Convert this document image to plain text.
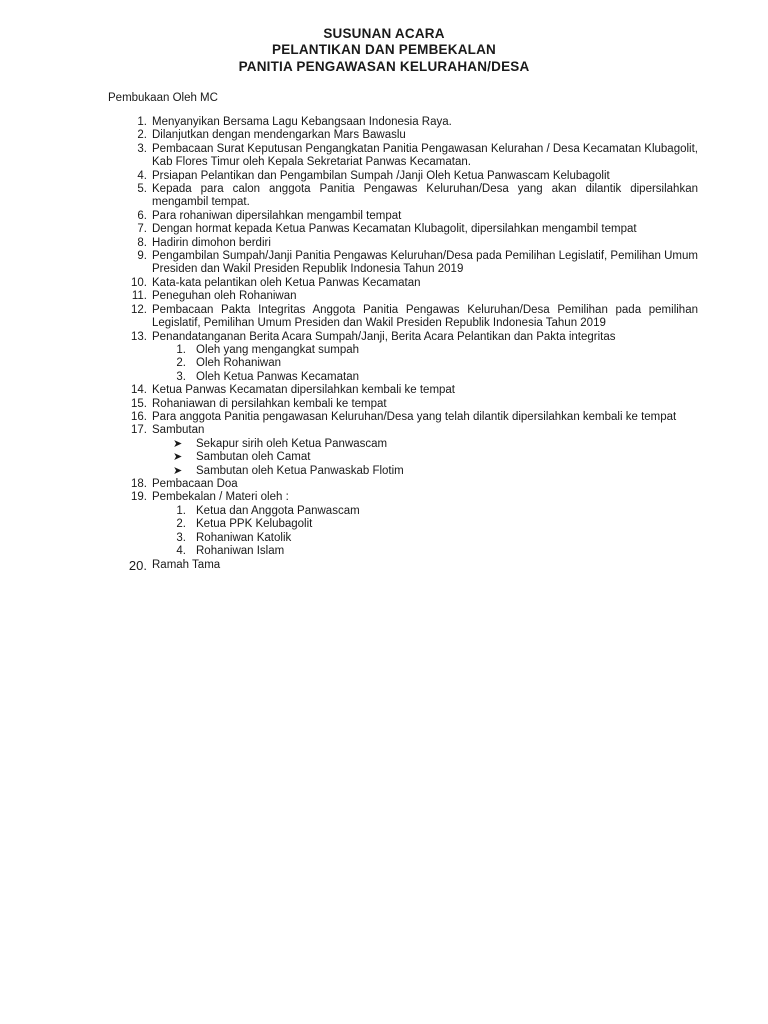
SUSUNAN ACARA
PELANTIKAN DAN PEMBEKALAN
PANITIA PENGAWASAN KELURAHAN/DESA
Pembukaan Oleh MC
1. Menyanyikan Bersama Lagu Kebangsaan Indonesia Raya.
2. Dilanjutkan dengan mendengarkan Mars Bawaslu
3. Pembacaan Surat Keputusan Pengangkatan Panitia Pengawasan Kelurahan / Desa Kecamatan Klubagolit, Kab Flores Timur oleh Kepala Sekretariat Panwas Kecamatan.
4. Prsiapan Pelantikan dan Pengambilan Sumpah /Janji Oleh Ketua Panwascam Kelubagolit
5. Kepada para calon anggota Panitia Pengawas Keluruhan/Desa yang akan dilantik dipersilahkan mengambil tempat.
6. Para rohaniwan dipersilahkan mengambil tempat
7. Dengan hormat kepada Ketua Panwas Kecamatan Klubagolit, dipersilahkan mengambil tempat
8. Hadirin dimohon berdiri
9. Pengambilan Sumpah/Janji Panitia Pengawas Keluruhan/Desa pada Pemilihan Legislatif, Pemilihan Umum Presiden dan Wakil Presiden Republik Indonesia Tahun 2019
10. Kata-kata pelantikan oleh Ketua Panwas Kecamatan
11. Peneguhan oleh Rohaniwan
12. Pembacaan Pakta Integritas Anggota Panitia Pengawas Keluruhan/Desa Pemilihan pada pemilihan Legislatif, Pemilihan Umum Presiden dan Wakil Presiden Republik Indonesia Tahun 2019
13. Penandatanganan Berita Acara Sumpah/Janji, Berita Acara Pelantikan dan Pakta integritas
1. Oleh yang mengangkat sumpah
2. Oleh Rohaniwan
3. Oleh Ketua Panwas Kecamatan
14. Ketua Panwas Kecamatan dipersilahkan kembali ke tempat
15. Rohaniawan di persilahkan kembali ke tempat
16. Para anggota Panitia pengawasan Keluruhan/Desa yang telah dilantik dipersilahkan kembali ke tempat
17. Sambutan
➤ Sekapur sirih oleh Ketua Panwascam
➤ Sambutan oleh Camat
➤ Sambutan oleh Ketua Panwaskab Flotim
18. Pembacaan Doa
19. Pembekalan / Materi oleh :
1. Ketua dan Anggota Panwascam
2. Ketua PPK Kelubagolit
3. Rohaniwan Katolik
4. Rohaniwan Islam
20. Ramah Tama
